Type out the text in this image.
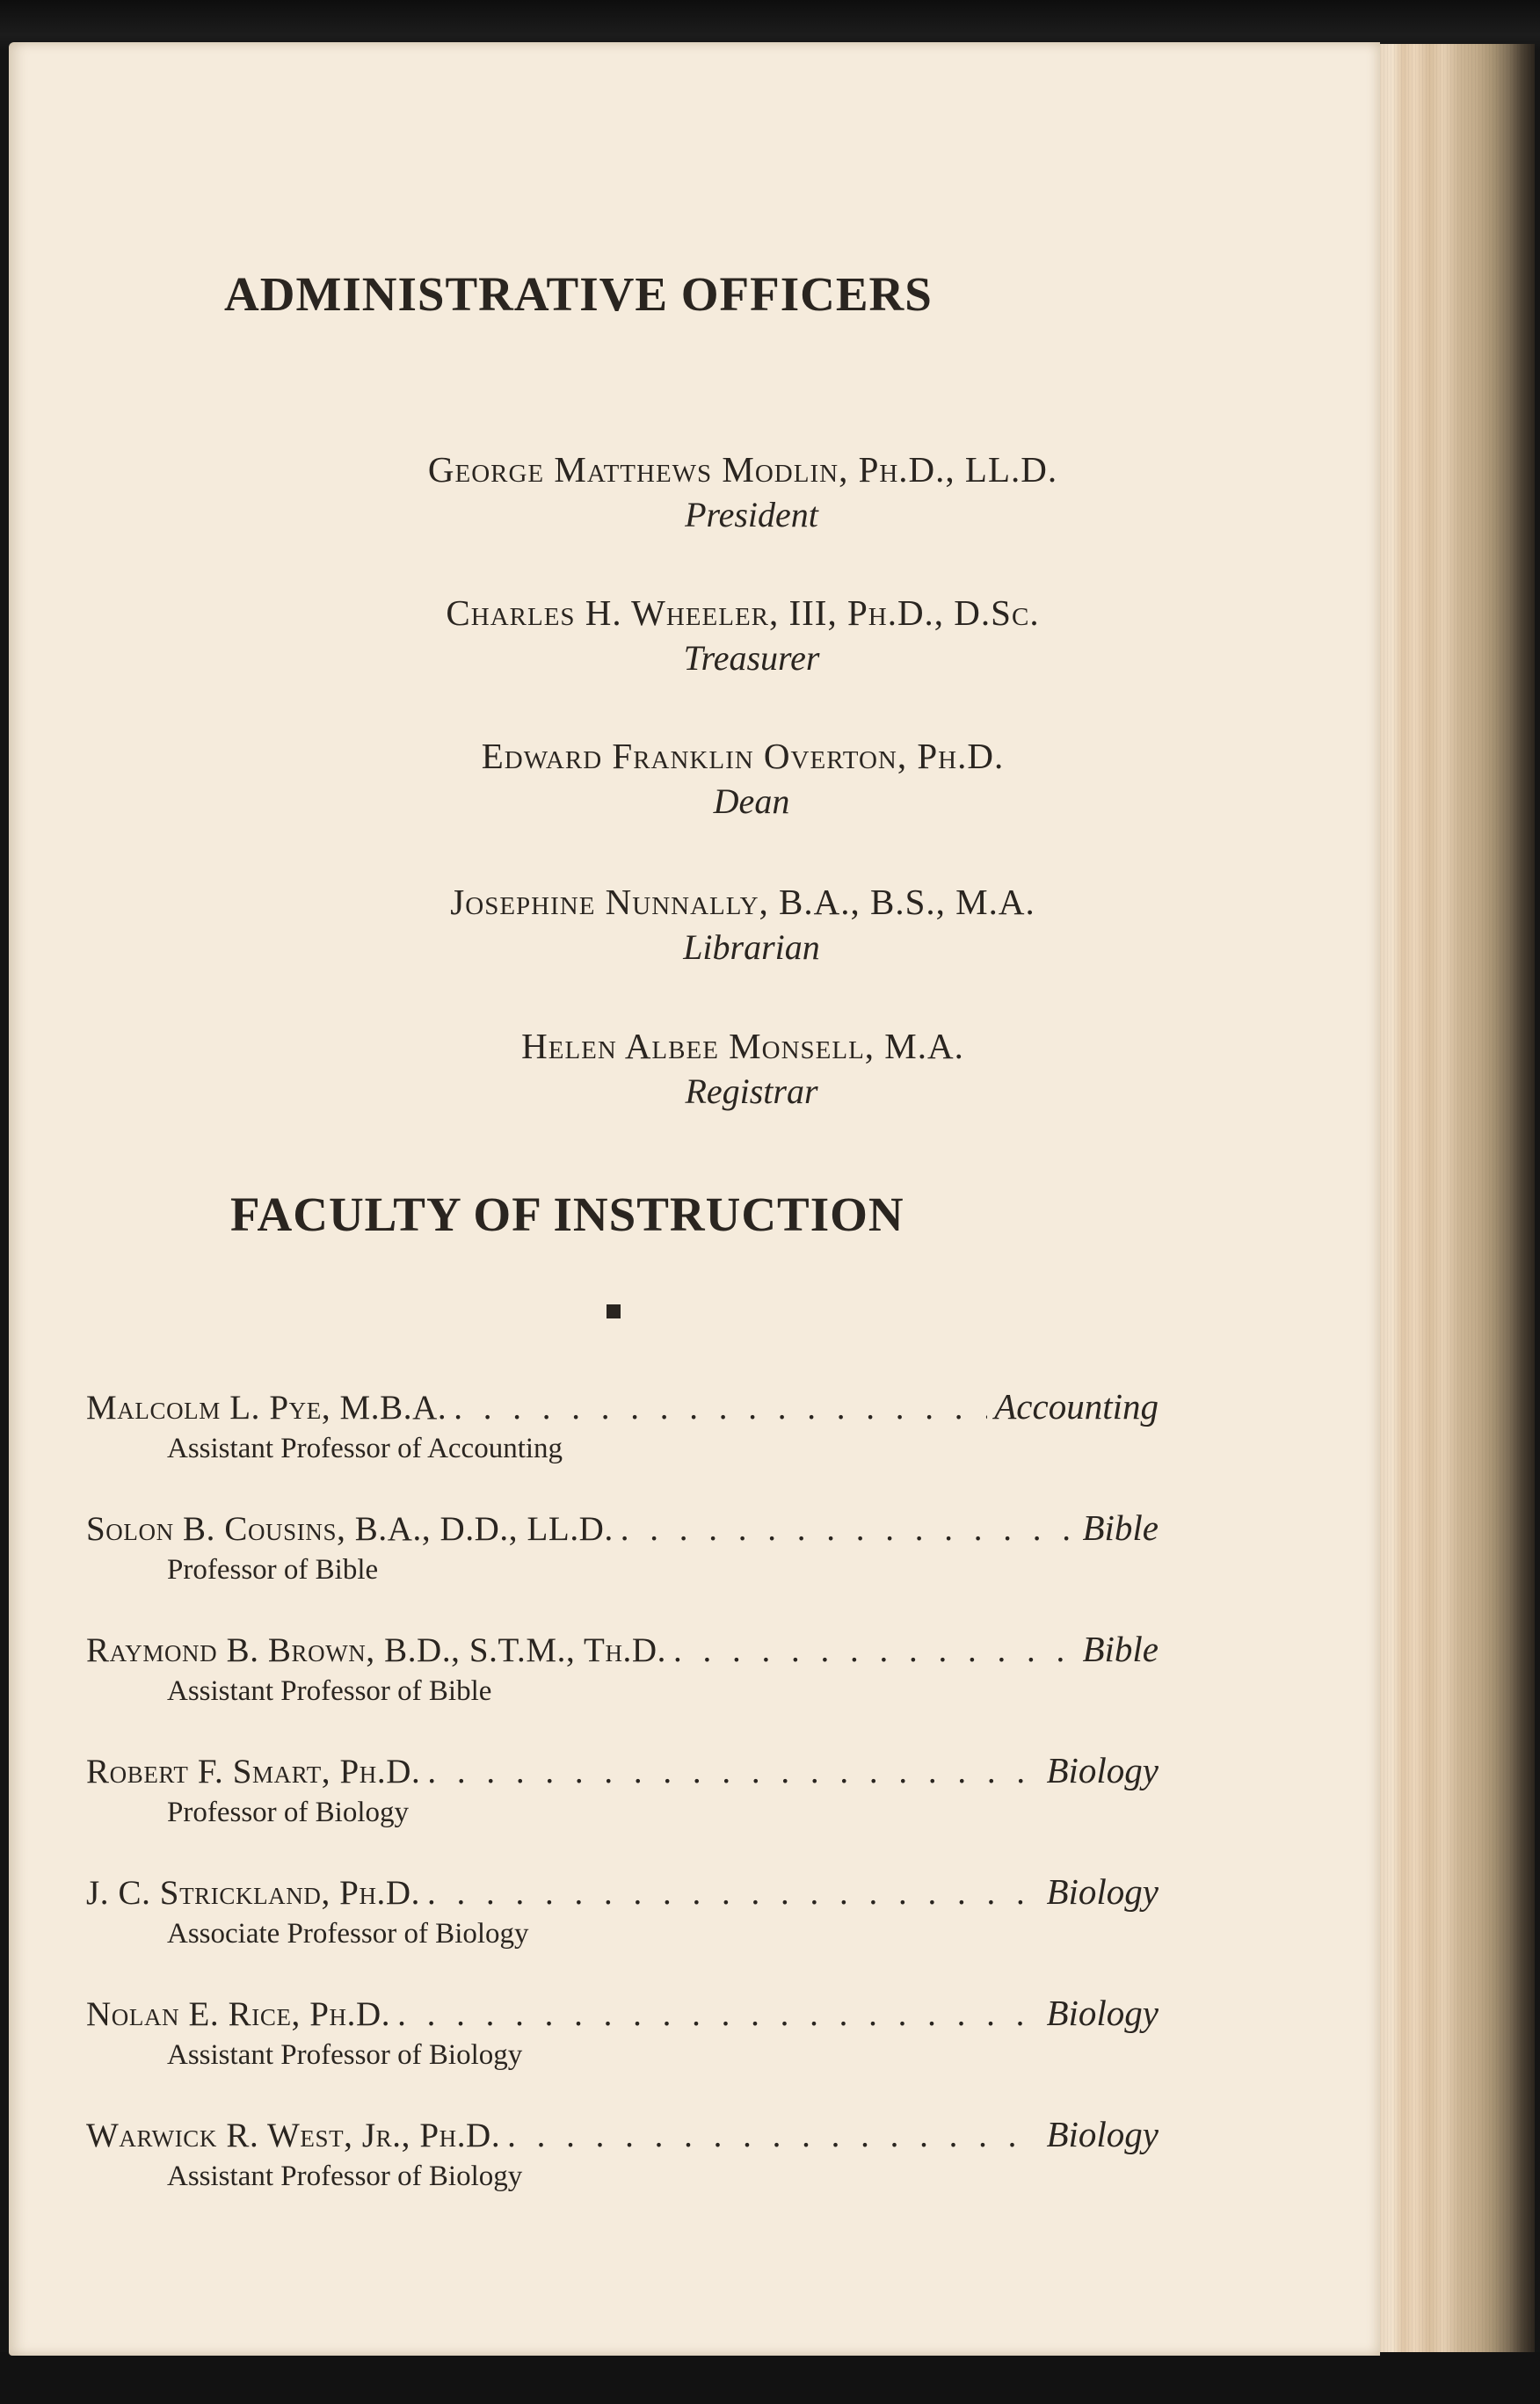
ADMINISTRATIVE OFFICERS
George Matthews Modlin, Ph.D., LL.D.
President
Charles H. Wheeler, III, Ph.D., D.Sc.
Treasurer
Edward Franklin Overton, Ph.D.
Dean
Josephine Nunnally, B.A., B.S., M.A.
Librarian
Helen Albee Monsell, M.A.
Registrar
FACULTY OF INSTRUCTION
Malcolm L. Pye, M.B.A. . . .	Accounting
Assistant Professor of Accounting
Solon B. Cousins, B.A., D.D., LL.D. . . .	Bible
Professor of Bible
Raymond B. Brown, B.D., S.T.M., Th.D. . . .	Bible
Assistant Professor of Bible
Robert F. Smart, Ph.D. . . .	Biology
Professor of Biology
J. C. Strickland, Ph.D. . . .	Biology
Associate Professor of Biology
Nolan E. Rice, Ph.D. . . .	Biology
Assistant Professor of Biology
Warwick R. West, Jr., Ph.D. . . .	Biology
Assistant Professor of Biology
